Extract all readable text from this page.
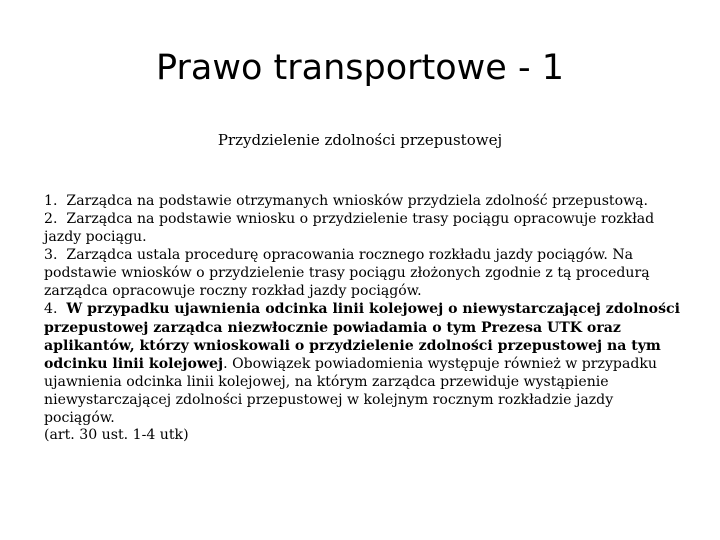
Prawo transportowe - 1
Przydzielenie zdolności przepustowej

1. Zarządca na podstawie otrzymanych wniosków przydziela zdolność przepustową.

2. Zarządca na podstawie wniosku o przydzielenie trasy pociągu opracowuje rozkład jazdy pociągu.

3. Zarządca ustala procedurę opracowania rocznego rozkładu jazdy pociągów. Na podstawie wniosków o przydzielenie trasy pociągu złożonych zgodnie z tą procedurą zarządca opracowuje roczny rozkład jazdy pociągów.

4. W przypadku ujawnienia odcinka linii kolejowej o niewystarczającej zdolności przepustowej zarządca niezwłocznie powiadamia o tym Prezesa UTK oraz aplikantów, którzy wnioskowali o przydzielenie zdolności przepustowej na tym odcinku linii kolejowej. Obowiązek powiadomienia występuje również w przypadku ujawnienia odcinka linii kolejowej, na którym zarządca przewiduje wystąpienie niewystarczającej zdolności przepustowej w kolejnym rocznym rozkładzie jazdy pociągów.

(art. 30 ust. 1-4 utk)
